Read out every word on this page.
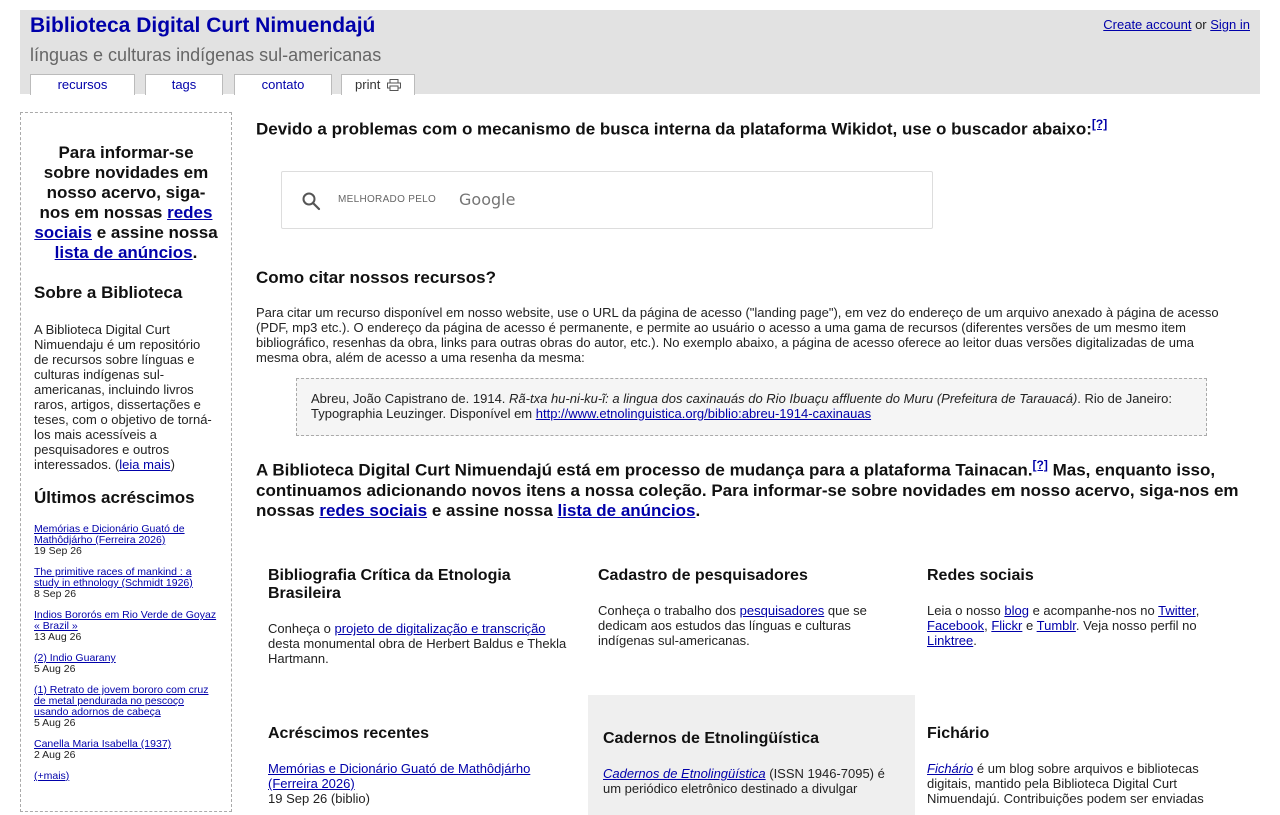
Biblioteca Digital Curt Nimuendajú
línguas e culturas indígenas sul-americanas
Create account or Sign in
recursos	tags	contato	print
Para informar-se sobre novidades em nosso acervo, siga-nos em nossas redes sociais e assine nossa lista de anúncios.
Sobre a Biblioteca
A Biblioteca Digital Curt Nimuendaju é um repositório de recursos sobre línguas e culturas indígenas sul-americanas, incluindo livros raros, artigos, dissertações e teses, com o objetivo de torná-los mais acessíveis a pesquisadores e outros interessados. (leia mais)
Últimos acréscimos
Memórias e Dicionário Guató de Mathôdjárho (Ferreira 2026)
19 Sep 26
The primitive races of mankind : a study in ethnology (Schmidt 1926)
8 Sep 26
Indios Bororós em Rio Verde de Goyaz « Brazil »
13 Aug 26
(2) Indio Guarany
5 Aug 26
(1) Retrato de jovem bororo com cruz de metal pendurada no pescoço usando adornos de cabeça
5 Aug 26
Canella Maria Isabella (1937)
2 Aug 26
(+mais)
Devido a problemas com o mecanismo de busca interna da plataforma Wikidot, use o buscador abaixo:[?]
MELHORADO PELO Google
Como citar nossos recursos?
Para citar um recurso disponível em nosso website, use o URL da página de acesso ("landing page"), em vez do endereço de um arquivo anexado à página de acesso (PDF, mp3 etc.). O endereço da página de acesso é permanente, e permite ao usuário o acesso a uma gama de recursos (diferentes versões de um mesmo item bibliográfico, resenhas da obra, links para outras obras do autor, etc.). No exemplo abaixo, a página de acesso oferece ao leitor duas versões digitalizadas de uma mesma obra, além de acesso a uma resenha da mesma:
Abreu, João Capistrano de. 1914. Rã-txa hu-ni-ku-ĩ: a lingua dos caxinauás do Rio Ibuaçu affluente do Muru (Prefeitura de Tarauacá). Rio de Janeiro: Typographia Leuzinger. Disponível em http://www.etnolinguistica.org/biblio:abreu-1914-caxinauas
A Biblioteca Digital Curt Nimuendajú está em processo de mudança para a plataforma Tainacan.[?] Mas, enquanto isso, continuamos adicionando novos itens a nossa coleção. Para informar-se sobre novidades em nosso acervo, siga-nos em nossas redes sociais e assine nossa lista de anúncios.
Bibliografia Crítica da Etnologia Brasileira
Conheça o projeto de digitalização e transcrição desta monumental obra de Herbert Baldus e Thekla Hartmann.
Cadastro de pesquisadores
Conheça o trabalho dos pesquisadores que se dedicam aos estudos das línguas e culturas indígenas sul-americanas.
Redes sociais
Leia o nosso blog e acompanhe-nos no Twitter, Facebook, Flickr e Tumblr. Veja nosso perfil no Linktree.
Acréscimos recentes
Memórias e Dicionário Guató de Mathôdjárho (Ferreira 2026)
19 Sep 26 (biblio)
Cadernos de Etnolingüística
Cadernos de Etnolingüística (ISSN 1946-7095) é um periódico eletrônico destinado a divulgar
Fichário
Fichário é um blog sobre arquivos e bibliotecas digitais, mantido pela Biblioteca Digital Curt Nimuendajú. Contribuições podem ser enviadas
